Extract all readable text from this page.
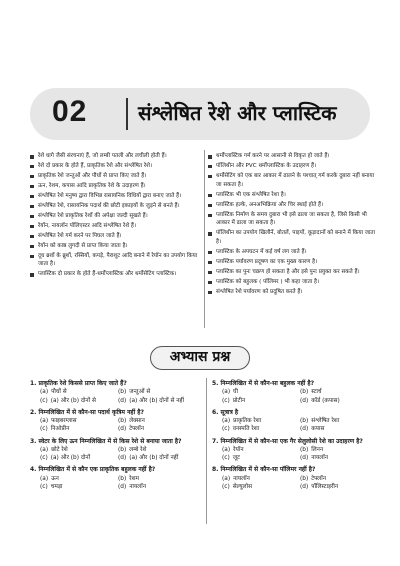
02	संश्लेषित रेशे और प्लास्टिक
रेशे धागे जैसी संरचनाएं हैं, जो लम्बी पतली और लचीली होती हैं।
रेशे दो प्रकार के होते हैं, प्राकृतिक रेशे और संश्लेषित रेशे।
प्राकृतिक रेशे जन्तुओं और पौधों से प्राप्त किए जाते हैं।
ऊन, रेशम, कपास आदि प्राकृतिक रेशे के उदाहरण हैं।
संश्लेषित रेशे मनुष्य द्वारा विभिन्न रासायनिक विधियों द्वारा बनाए जाते हैं।
संश्लेषित रेशे, रासायनिक पदार्थ की छोटी इकाइयों के जुड़ने से बनते हैं।
संश्लेषित रेशे प्राकृतिक रेशों की अपेक्षा जल्दी सूखते हैं।
रेयॉन, नायलॉन पॉलिएस्टर आदि संश्लेषित रेशे हैं।
संश्लेषित रेशे गर्म करने पर पिघल जाते हैं।
रेयॉन को काष्ठ लुगदी से प्राप्त किया जाता है।
दूध ब्रशों के ब्रुशों, रस्सियों, कपड़े, पैराशूट आदि बनाने में रेयॉन का उपयोग किया जाता है।
प्लास्टिक दो प्रकार के होते हैं-थर्मोप्लास्टिक और थर्मोसेटिंग प्लास्टिक।
थर्मोप्लास्टिक गर्म करने पर आसानी से विकृत हो जाते हैं।
पॉलिथीन और PVC थर्मोप्लास्टिक के उदाहरण हैं।
थर्मोसेटिंग को एक बार आकार में ढालने के पश्चात् गर्म करके दुबारा नहीं बनाया जा सकता है।
प्लास्टिक भी एक संश्लेषित रेशा है।
प्लास्टिक हल्के, अनअभिक्रिया और चिर स्थाई होते हैं।
प्लास्टिक निर्माण के समय दुबारा भी इसे ढाला जा सकता है, जिसे किसी भी आकार में ढाला जा सकता है।
पॉलिथीन का उपयोग खिलौनें, बोतलें, पाइपों, कूड़ादानों को बनाने में किया जाता है।
प्लास्टिक के अपघटन में कई वर्ष लग जाते हैं।
प्लास्टिक पर्यावरण प्रदूषण का एक मुख्य कारण है।
प्लास्टिक का पुनः चक्रण हो सकता है और इसे पुनः प्रयुक्त कर सकते हैं।
प्लास्टिक को बहुलक ( पॉलिमर ) भी कहा जाता है।
संश्लेषित रेशे पर्यावरण को प्रदूषित करते हैं।
अभ्यास प्रश्न
1. प्राकृतिक रेशे किससे प्राप्त किए जाते हैं?
(a) पौधों से	(b) जन्तुओं से
(c) (a) और (b) दोनों से	(d) (a) और (b) दोनों से नहीं
2. निम्नलिखित में से कौन-सा पदार्थ कृत्रिम नहीं है?
(a) फाइबरग्लास	(b) लेक्सान
(c) निओप्रीन	(d) टेफ्लॉन
3. स्वेटर के लिए ऊन निम्नलिखित में से किस रेशे से बनाया जाता है?
(a) छोटे रेशे	(b) लम्बे रेशे
(c) (a) और (b) दोनों	(d) (a) और (b) दोनों नहीं
4. निम्नलिखित में से कौन एक प्राकृतिक बहुलक नहीं है?
(a) ऊन	(b) रेशम
(c) चमड़ा	(d) नायलॉन
5. निम्नलिखित में से कौन-सा बहुलक नहीं है?
(a) घी	(b) स्टार्च
(c) प्रोटीन	(d) कॉर्ड (कपास)
6. सूत्रात्र है
(a) प्राकृतिक रेशा	(b) संश्लेषित रेशा
(c) वनस्पति रेशा	(d) कपास
7. निम्नलिखित में से कौन-सा एक गैर सेलुलोसी रेशे का उदाहरण है?
(a) रेयॉन	(b) लिनन
(c) जूट	(d) नायलॉन
8. निम्नलिखित में से कौन-सा पॉलिमर नहीं है?
(a) नायलॉन	(b) टेफ्लॉन
(c) सेल्युलोस	(d) पॉलिस्टाइरीन
